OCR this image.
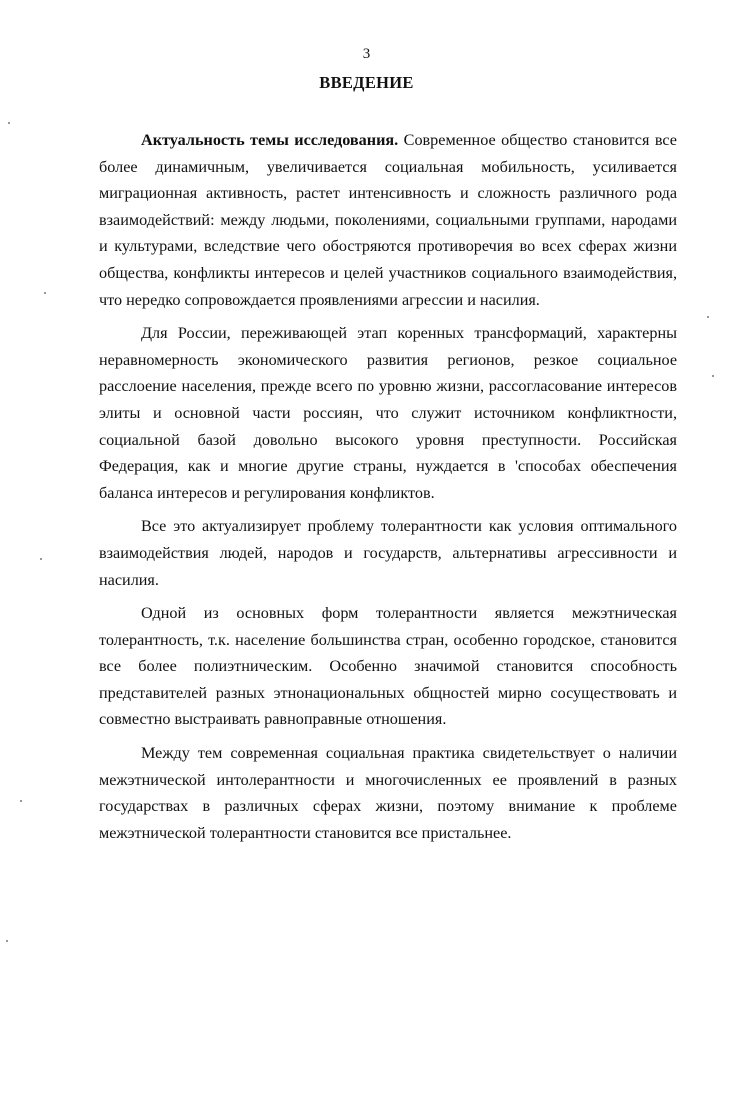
3
ВВЕДЕНИЕ

Актуальность темы исследования. Современное общество становится все более динамичным, увеличивается социальная мобильность, усиливается миграционная активность, растет интенсивность и сложность различного рода взаимодействий: между людьми, поколениями, социальными группами, народами и культурами, вследствие чего обостряются противоречия во всех сферах жизни общества, конфликты интересов и целей участников социального взаимодействия, что нередко сопровождается проявлениями агрессии и насилия.

Для России, переживающей этап коренных трансформаций, характерны неравномерность экономического развития регионов, резкое социальное расслоение населения, прежде всего по уровню жизни, рассогласование интересов элиты и основной части россиян, что служит источником конфликтности, социальной базой довольно высокого уровня преступности. Российская Федерация, как и многие другие страны, нуждается в 'способах обеспечения баланса интересов и регулирования конфликтов.

Все это актуализирует проблему толерантности как условия оптимального взаимодействия людей, народов и государств, альтернативы агрессивности и насилия.

Одной из основных форм толерантности является межэтническая толерантность, т.к. население большинства стран, особенно городское, становится все более полиэтническим. Особенно значимой становится способность представителей разных этнонациональных общностей мирно сосуществовать и совместно выстраивать равноправные отношения.

Между тем современная социальная практика свидетельствует о наличии межэтнической интолерантности и многочисленных ее проявлений в разных государствах в различных сферах жизни, поэтому внимание к проблеме межэтнической толерантности становится все пристальнее.
